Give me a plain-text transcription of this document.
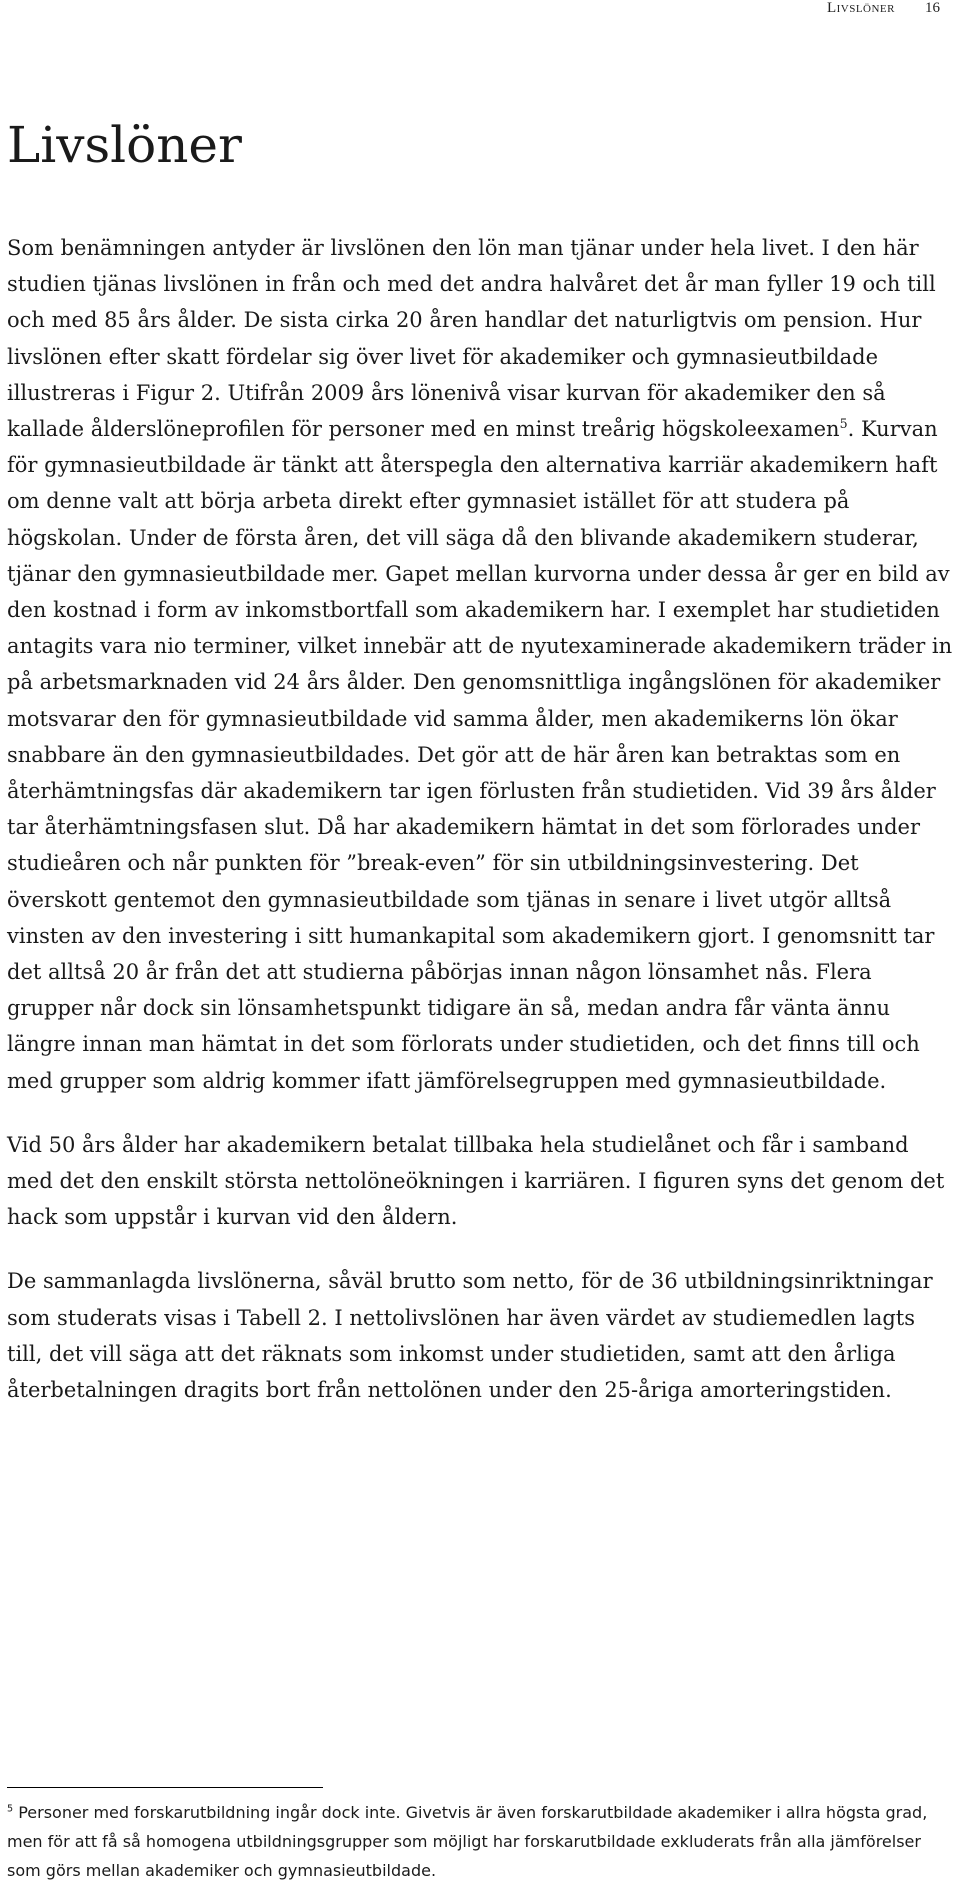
Livslöner 16
Livslöner

Som benämningen antyder är livslönen den lön man tjänar under hela livet. I den här studien tjänas livslönen in från och med det andra halvåret det år man fyller 19 och till och med 85 års ålder. De sista cirka 20 åren handlar det naturligtvis om pension. Hur livslönen efter skatt fördelar sig över livet för akademiker och gymnasieutbildade illustreras i Figur 2. Utifrån 2009 års lönenivå visar kurvan för akademiker den så kallade ålderslöneprofilen för personer med en minst treårig högskoleexamen$^5$. Kurvan för gymnasieutbildade är tänkt att återspegla den alternativa karriär akademikern haft om denne valt att börja arbeta direkt efter gymnasiet istället för att studera på högskolan. Under de första åren, det vill säga då den blivande akademikern studerar, tjänar den gymnasieutbildade mer. Gapet mellan kurvorna under dessa år ger en bild av den kostnad i form av inkomstbortfall som akademikern har. I exemplet har studietiden antagits vara nio terminer, vilket innebär att de nyutexaminerade akademikern träder in på arbetsmarknaden vid 24 års ålder. Den genomsnittliga ingångslönen för akademiker motsvarar den för gymnasieutbildade vid samma ålder, men akademikerns lön ökar snabbare än den gymnasieutbildades. Det gör att de här åren kan betraktas som en återhämtningsfas där akademikern tar igen förlusten från studietiden. Vid 39 års ålder tar återhämtningsfasen slut. Då har akademikern hämtat in det som förlorades under studieåren och når punkten för ”break-even” för sin utbildningsinvestering. Det överskott gentemot den gymnasieutbildade som tjänas in senare i livet utgör alltså vinsten av den investering i sitt humankapital som akademikern gjort. I genomsnitt tar det alltså 20 år från det att studierna påbörjas innan någon lönsamhet nås. Flera grupper når dock sin lönsamhetspunkt tidigare än så, medan andra får vänta ännu längre innan man hämtat in det som förlorats under studietiden, och det finns till och med grupper som aldrig kommer ifatt jämförelsegruppen med gymnasieutbildade.

Vid 50 års ålder har akademikern betalat tillbaka hela studielånet och får i samband med det den enskilt största nettolöneökningen i karriären. I figuren syns det genom det hack som uppstår i kurvan vid den åldern.

De sammanlagda livslönerna, såväl brutto som netto, för de 36 utbildningsinriktningar som studerats visas i Tabell 2. I nettolivslönen har även värdet av studiemedlen lagts till, det vill säga att det räknats som inkomst under studietiden, samt att den årliga återbetalningen dragits bort från nettolönen under den 25-åriga amorteringstiden.

$^5$ Personer med forskarutbildning ingår dock inte. Givetvis är även forskarutbildade akademiker i allra högsta grad, men för att få så homogena utbildningsgrupper som möjligt har forskarutbildade exkluderats från alla jämförelser som görs mellan akademiker och gymnasieutbildade.
